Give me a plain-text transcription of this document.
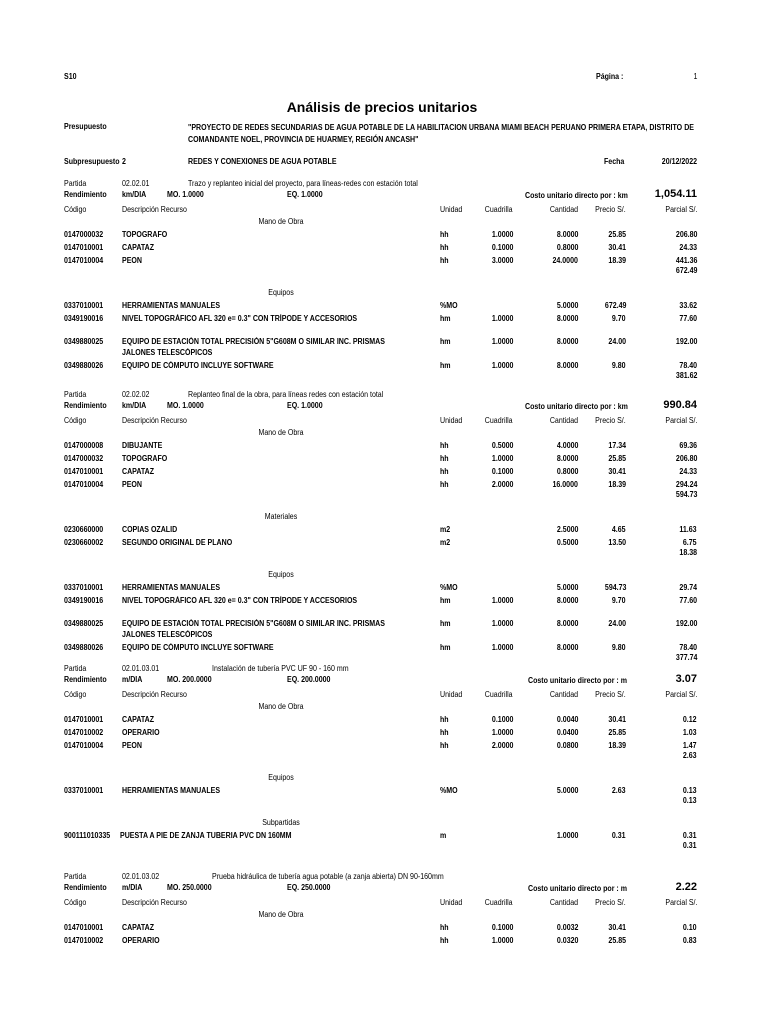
S10	Página :	1
Análisis de precios unitarios
Presupuesto	"PROYECTO DE REDES SECUNDARIAS DE AGUA POTABLE DE LA HABILITACION URBANA MIAMI BEACH PERUANO PRIMERA ETAPA, DISTRITO DE COMANDANTE NOEL, PROVINCIA DE HUARMEY, REGIÓN ANCASH"
Subpresupuesto 2	REDES Y CONEXIONES DE AGUA POTABLE	Fecha	20/12/2022
Partida	02.02.01	Trazo y replanteo inicial del proyecto, para líneas-redes con estación total
Rendimiento km/DIA	MO. 1.0000	EQ. 1.0000	Costo unitario directo por : km 1,054.11
Código	Descripción Recurso	Unidad	Cuadrilla	Cantidad Precio S/.	Parcial S/.
Mano de Obra
0147000032 TOPOGRAFO	hh	1.0000	8.0000	25.85	206.80
0147010001 CAPATAZ	hh	0.1000	0.8000	30.41	24.33
0147010004 PEON	hh	3.0000	24.0000	18.39	441.36
672.49
Equipos
0337010001 HERRAMIENTAS MANUALES	%MO	5.0000	672.49	33.62
0349190016 NIVEL TOPOGRÁFICO AFL 320 e= 0.3" CON TRÍPODE Y ACCESORIOS	hm	1.0000	8.0000	9.70	77.60
0349880025 EQUIPO DE ESTACIÓN TOTAL PRECISIÓN 5"G608M O SIMILAR INC. PRISMAS	hm	1.0000	8.0000	24.00	192.00
JALONES TELESCÓPICOS
0349880026 EQUIPO DE CÓMPUTO INCLUYE SOFTWARE	hm	1.0000	8.0000	9.80	78.40
381.62
Partida	02.02.02	Replanteo final de la obra, para líneas redes con estación total
Rendimiento km/DIA	MO. 1.0000	EQ. 1.0000	Costo unitario directo por : km	990.84
Código	Descripción Recurso	Unidad	Cuadrilla	Cantidad Precio S/.	Parcial S/.
Mano de Obra
0147000008 DIBUJANTE	hh	0.5000	4.0000	17.34	69.36
0147000032 TOPOGRAFO	hh	1.0000	8.0000	25.85	206.80
0147010001 CAPATAZ	hh	0.1000	0.8000	30.41	24.33
0147010004 PEON	hh	2.0000	16.0000	18.39	294.24
594.73
Materiales
0230660000 COPIAS OZALID	m2	2.5000	4.65	11.63
0230660002 SEGUNDO ORIGINAL DE PLANO	m2	0.5000	13.50	6.75
18.38
Equipos
0337010001 HERRAMIENTAS MANUALES	%MO	5.0000	594.73	29.74
0349190016 NIVEL TOPOGRÁFICO AFL 320 e= 0.3" CON TRÍPODE Y ACCESORIOS	hm	1.0000	8.0000	9.70	77.60
0349880025 EQUIPO DE ESTACIÓN TOTAL PRECISIÓN 5"G608M O SIMILAR INC. PRISMAS	hm	1.0000	8.0000	24.00	192.00
JALONES TELESCÓPICOS
0349880026 EQUIPO DE CÓMPUTO INCLUYE SOFTWARE	hm	1.0000	8.0000	9.80	78.40
377.74
Partida	02.01.03.01	Instalación de tubería PVC UF 90 - 160 mm
Rendimiento m/DIA	MO. 200.0000	EQ. 200.0000	Costo unitario directo por : m	3.07
Código	Descripción Recurso	Unidad	Cuadrilla	Cantidad Precio S/.	Parcial S/.
Mano de Obra
0147010001 CAPATAZ	hh	0.1000	0.0040	30.41	0.12
0147010002 OPERARIO	hh	1.0000	0.0400	25.85	1.03
0147010004 PEON	hh	2.0000	0.0800	18.39	1.47
2.63
Equipos
0337010001 HERRAMIENTAS MANUALES	%MO	5.0000	2.63	0.13
0.13
Subpartidas
900111010335 PUESTA A PIE DE ZANJA TUBERIA PVC DN 160MM	m	1.0000	0.31	0.31
0.31
Partida	02.01.03.02	Prueba hidráulica de tubería agua potable (a zanja abierta) DN 90-160mm
Rendimiento m/DIA	MO. 250.0000	EQ. 250.0000	Costo unitario directo por : m	2.22
Código	Descripción Recurso	Unidad	Cuadrilla	Cantidad Precio S/.	Parcial S/.
Mano de Obra
0147010001 CAPATAZ	hh	0.1000	0.0032	30.41	0.10
0147010002 OPERARIO	hh	1.0000	0.0320	25.85	0.83
